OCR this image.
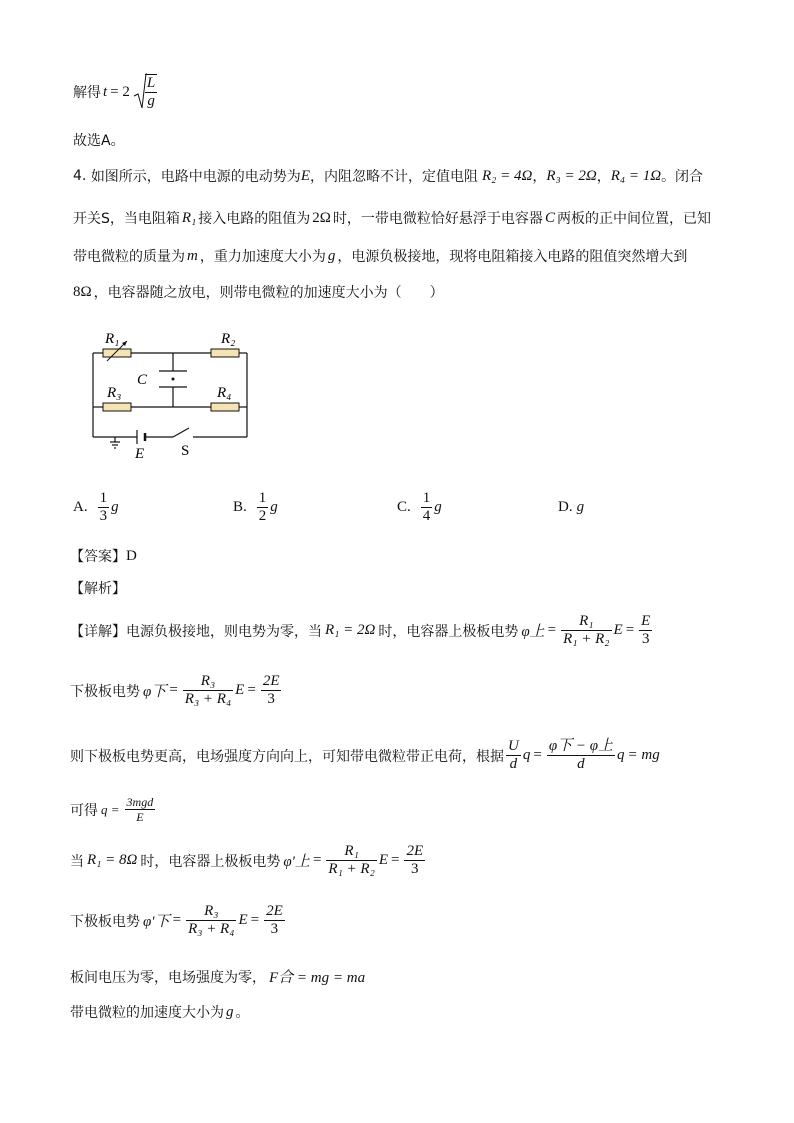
解得 $t = 2 \frac{L}{g}$
故选A。
4.
如图所示，电路中电源的电动势为 E ，内阻忽略不计，定值电阻 R₂ = 4Ω ， R₃ = 2Ω ， R₄ = 1Ω 。闭合
开关S，当电阻箱 R₁ 接入电路的阻值为 2Ω 时，一带电微粒恰好悬浮于电容器 C 两板的正中间位置，已知
带电微粒的质量为 m ，重力加速度大小为 g ，电源负极接地，现将电阻箱接入电路的阻值突然增大到
8Ω ，电容器随之放电，则带电微粒的加速度大小为（　　）
R₁	R₂
R₃	R₄
C
E S
A. $\frac{1}{3}$ g	B. $\frac{1}{2}$ g	C. $\frac{1}{4}$ g	D. g
【答案】 D
【解析】
【详解】 电源负极接地，则电势为零，当 R₁ = 2Ω 时，电容器上极板电势 φ上 = $\frac{\text{R₁}}{\text{R₁ + R₂}}$ $E = \frac{E}{3}$
下极板电势 φ下 = $\frac{\text{R₃}}{\text{R₃ + R₄}}$ $E = \frac{2E}{3}$
则下极板电势更高，电场强度方向向上，可知带电微粒带正电荷，根据 $\frac{U}{d}$ $q = \frac{\text{φ下 − φ上}}{d}$ q = mg
可得 $q = \frac{\text{3mgd}}{E}$
当 R₁ = 8Ω 时，电容器上极板电势 φ′上 = $\frac{\text{R₁}}{\text{R₁ + R₂}}$ $E = \frac{2E}{3}$
下极板电势 φ′下 = $\frac{\text{R₃}}{\text{R₃ + R₄}}$ $E = \frac{2E}{3}$
板间电压为零，电场强度为零， F合 = mg = ma
带电微粒的加速度大小为 g 。
